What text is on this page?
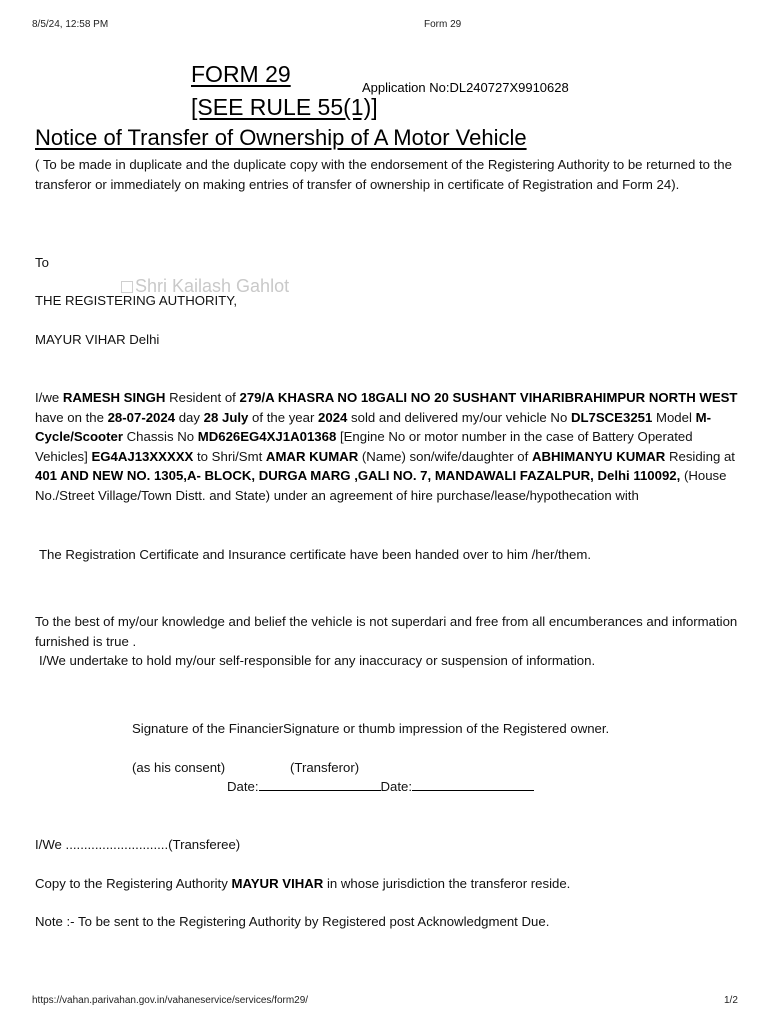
8/5/24, 12:58 PM	Form 29
FORM 29
[SEE RULE 55(1)]
Application No:DL240727X9910628
Notice of Transfer of Ownership of A Motor Vehicle
( To be made in duplicate and the duplicate copy with the endorsement of the Registering Authority to be returned to the transferor or immediately on making entries of transfer of ownership in certificate of Registration and Form 24).
To
Shri Kailash Gahlot
THE REGISTERING AUTHORITY,
MAYUR VIHAR Delhi
I/we RAMESH SINGH Resident of 279/A KHASRA NO 18GALI NO 20 SUSHANT VIHARIBRAHIMPUR NORTH WEST have on the 28-07-2024 day 28 July of the year 2024 sold and delivered my/our vehicle No DL7SCE3251 Model M-Cycle/Scooter Chassis No MD626EG4XJ1A01368 [Engine No or motor number in the case of Battery Operated Vehicles] EG4AJ13XXXXX to Shri/Smt AMAR KUMAR (Name) son/wife/daughter of ABHIMANYU KUMAR Residing at 401 AND NEW NO. 1305,A- BLOCK, DURGA MARG ,GALI NO. 7, MANDAWALI FAZALPUR, Delhi 110092, (House No./Street Village/Town Distt. and State) under an agreement of hire purchase/lease/hypothecation with
The Registration Certificate and Insurance certificate have been handed over to him /her/them.
To the best of my/our knowledge and belief the vehicle is not superdari and free from all encumberances and information furnished is true .
I/We undertake to hold my/our self-responsible for any inaccuracy or suspension of information.
Signature of the FinancierSignature or thumb impression of the Registered owner.
(as his consent)	(Transferor)
Date:	Date:
I/We ............................(Transferee)
Copy to the Registering Authority MAYUR VIHAR in whose jurisdiction the transferor reside.
Note :- To be sent to the Registering Authority by Registered post Acknowledgment Due.
https://vahan.parivahan.gov.in/vahaneservice/services/form29/	1/2
